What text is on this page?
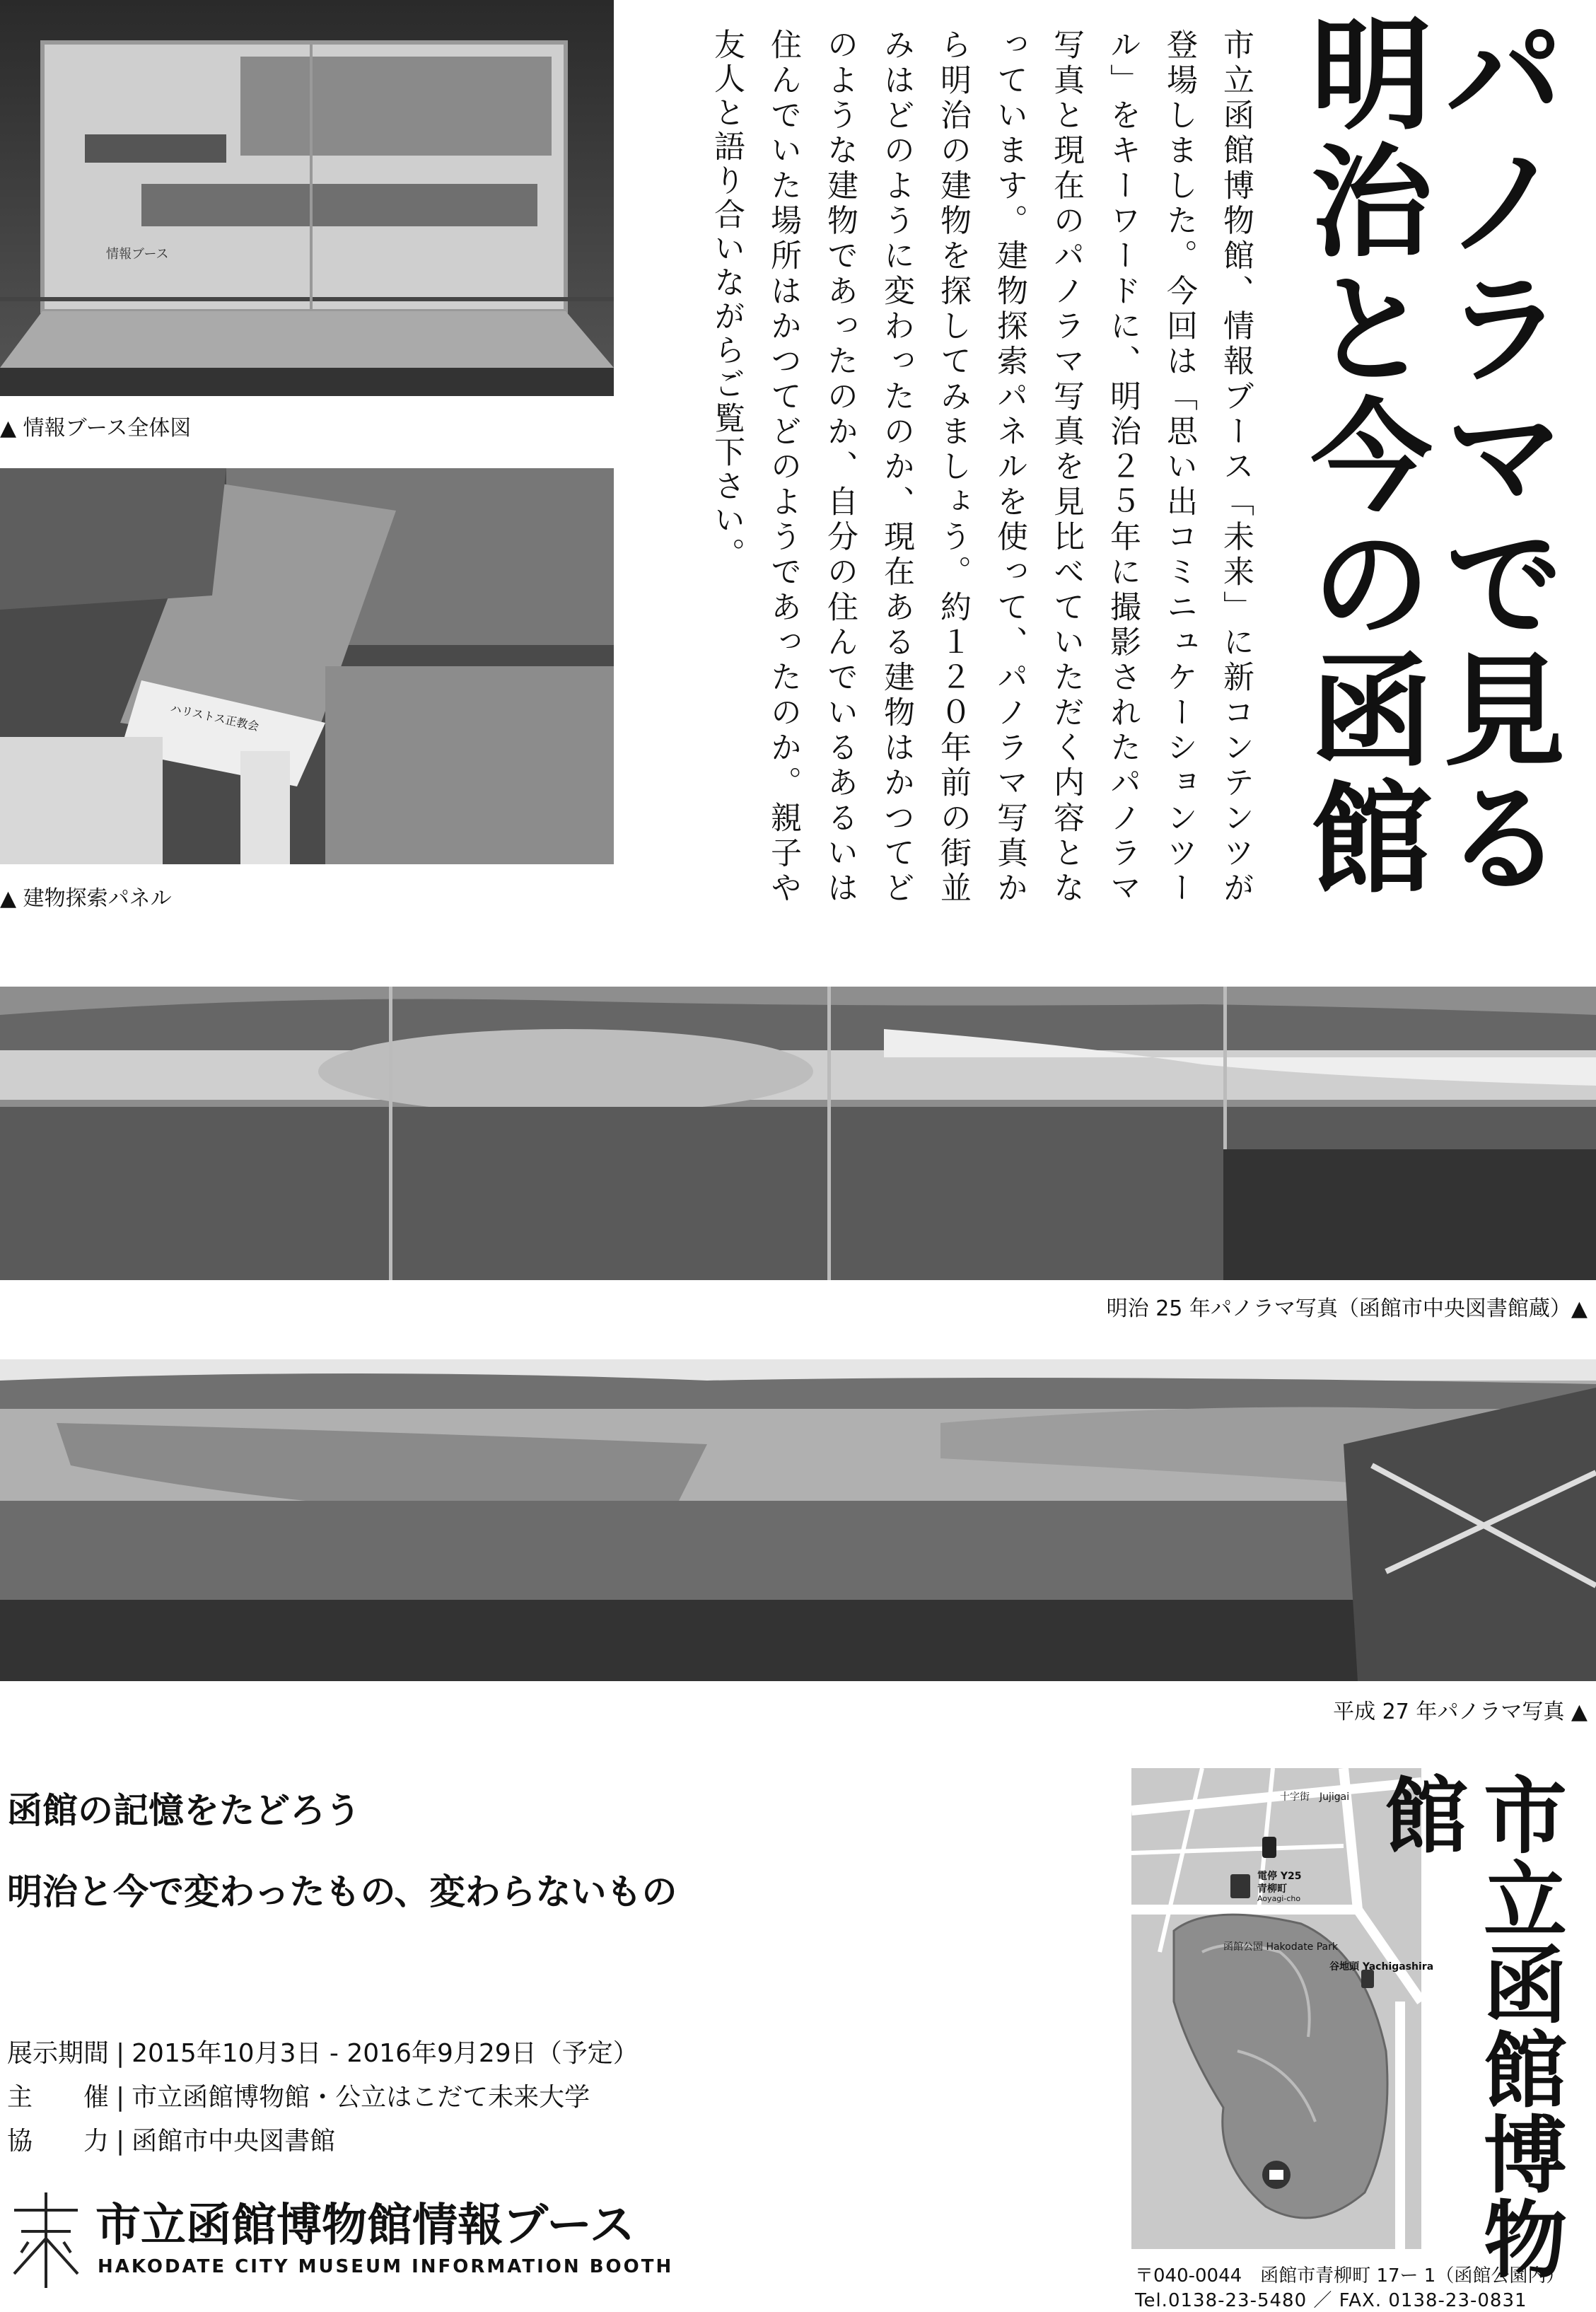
パノラマで見る明治と今の函館
市立函館博物館、情報ブース「未来」に新コンテンツが登場しました。今回は「思い出コミニュケーションツール」をキーワードに、明治２５年に撮影されたパノラマ写真と現在のパノラマ写真を見比べていただく内容となっています。建物探索パネルを使って、パノラマ写真から明治の建物を探してみましょう。約１２０年前の街並みはどのように変わったのか、現在ある建物はかつてどのような建物であったのか、自分の住んでいるあるいは住んでいた場所はかつてどのようであったのか。親子や友人と語り合いながらご覧下さい。
情報ブース
▲ 情報ブース全体図
ハリストス正教会
▲ 建物探索パネル
明治 25 年パノラマ写真（函館市中央図書館蔵）▲
平成 27 年パノラマ写真 ▲
函館の記憶をたどろう
明治と今で変わったもの、変わらないもの
展示期間 | 2015年10月3日 - 2016年9月29日（予定）
主　　催 | 市立函館博物館・公立はこだて未来大学
協　　力 | 函館市中央図書館
市立函館博物館情報ブース
HAKODATE CITY MUSEUM INFORMATION BOOTH
十字街　Jujigai
電停 Y25
青柳町
Aoyagi-cho
函館公園 Hakodate Park
谷地頭 Yachigashira 市立函館博物館
〒040-0044　函館市青柳町 17ー 1（函館公園内）
Tel.0138-23-5480 ／ FAX. 0138-23-0831
